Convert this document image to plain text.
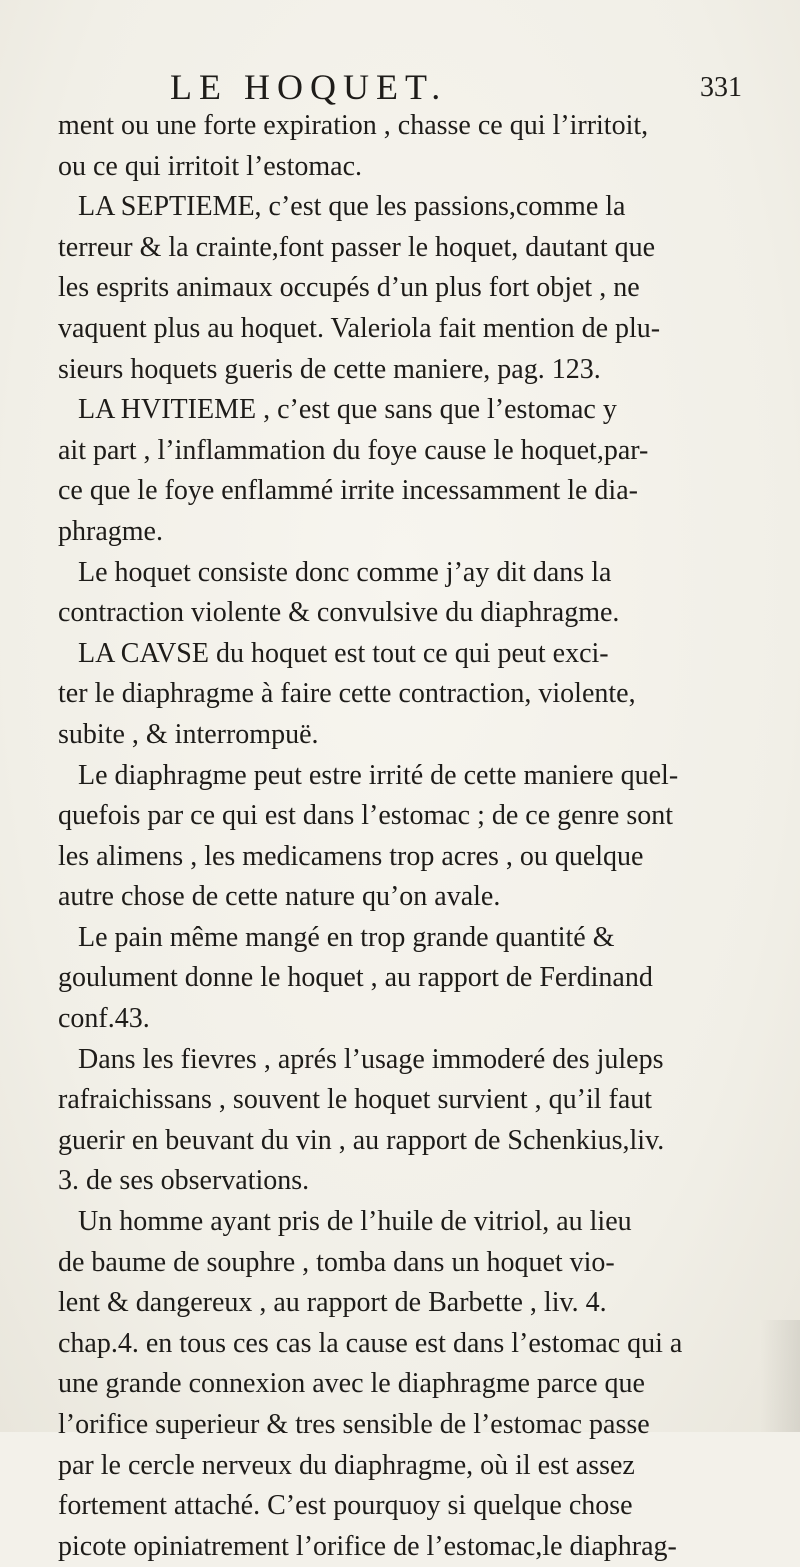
LE HOQUET.	331
ment ou une forte expiration , chasse ce qui l’irritoit,
ou ce qui irritoit l’estomac.
LA SEPTIEME, c’est que les passions,comme la
terreur & la crainte,font passer le hoquet, dautant que
les esprits animaux occupés d’un plus fort objet , ne
vaquent plus au hoquet. Valeriola fait mention de plu-
sieurs hoquets gueris de cette maniere, pag. 123.
LA HVITIEME , c’est que sans que l’estomac y
ait part , l’inflammation du foye cause le hoquet,par-
ce que le foye enflammé irrite incessamment le dia-
phragme.
Le hoquet consiste donc comme j’ay dit dans la
contraction violente & convulsive du diaphragme.
LA CAVSE du hoquet est tout ce qui peut exci-
ter le diaphragme à faire cette contraction, violente,
subite , & interrompuë.
Le diaphragme peut estre irrité de cette maniere quel-
quefois par ce qui est dans l’estomac ; de ce genre sont
les alimens , les medicamens trop acres , ou quelque
autre chose de cette nature qu’on avale.
Le pain même mangé en trop grande quantité &
goulument donne le hoquet , au rapport de Ferdinand
conf.43.
Dans les fievres , aprés l’usage immoderé des juleps
rafraichissans , souvent le hoquet survient , qu’il faut
guerir en beuvant du vin , au rapport de Schenkius,liv.
3. de ses observations.
Un homme ayant pris de l’huile de vitriol, au lieu
de baume de souphre , tomba dans un hoquet vio-
lent & dangereux , au rapport de Barbette , liv. 4.
chap.4. en tous ces cas la cause est dans l’estomac qui a
une grande connexion avec le diaphragme parce que
l’orifice superieur & tres sensible de l’estomac passe
par le cercle nerveux du diaphragme, où il est assez
fortement attaché. C’est pourquoy si quelque chose
picote opiniatrement l’orifice de l’estomac,le diaphrag-
